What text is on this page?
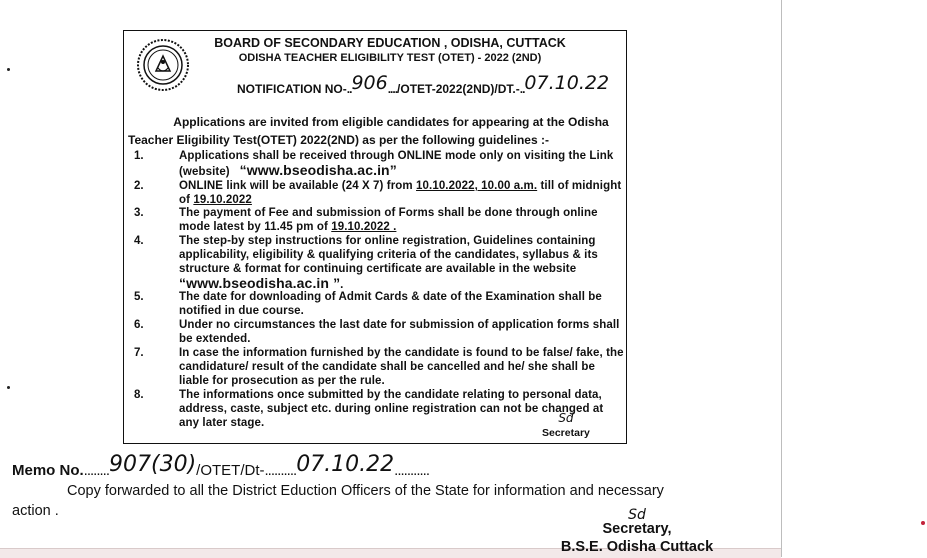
BOARD OF SECONDARY EDUCATION , ODISHA, CUTTACK
ODISHA TEACHER ELIGIBILITY TEST (OTET) - 2022 (2ND)
NOTIFICATION NO-..906..../OTET-2022(2ND)/DT.-..07.10.22
Applications are invited from eligible candidates for appearing at the Odisha
Teacher Eligibility Test(OTET) 2022(2ND) as per the following guidelines :-
1.	Applications shall be received through ONLINE mode only on visiting the Link (website) “www.bseodisha.ac.in”
2.	ONLINE link will be available (24 X 7) from 10.10.2022, 10.00 a.m. till of midnight of 19.10.2022
3.	The payment of Fee and submission of Forms shall be done through online mode latest by 11.45 pm of 19.10.2022 .
4.	The step-by step instructions for online registration, Guidelines containing applicability, eligibility & qualifying criteria of the candidates, syllabus & its structure & format for continuing certificate are available in the website “www.bseodisha.ac.in ”.
5.	The date for downloading of Admit Cards & date of the Examination shall be notified in due course.
6.	Under no circumstances the last date for submission of application forms shall be extended.
7.	In case the information furnished by the candidate is found to be false/ fake, the candidature/ result of the candidate shall be cancelled and he/ she shall be liable for prosecution as per the rule.
8.	The informations once submitted by the candidate relating to personal data, address, caste, subject etc. during online registration can not be changed at any later stage.	Sd
Secretary
Memo No.........907(30)/OTET/Dt-..........07.10.22...........
Copy forwarded to all the District Eduction Officers of the State for information and necessary
action .	Sd
Secretary,
B.S.E. Odisha Cuttack
